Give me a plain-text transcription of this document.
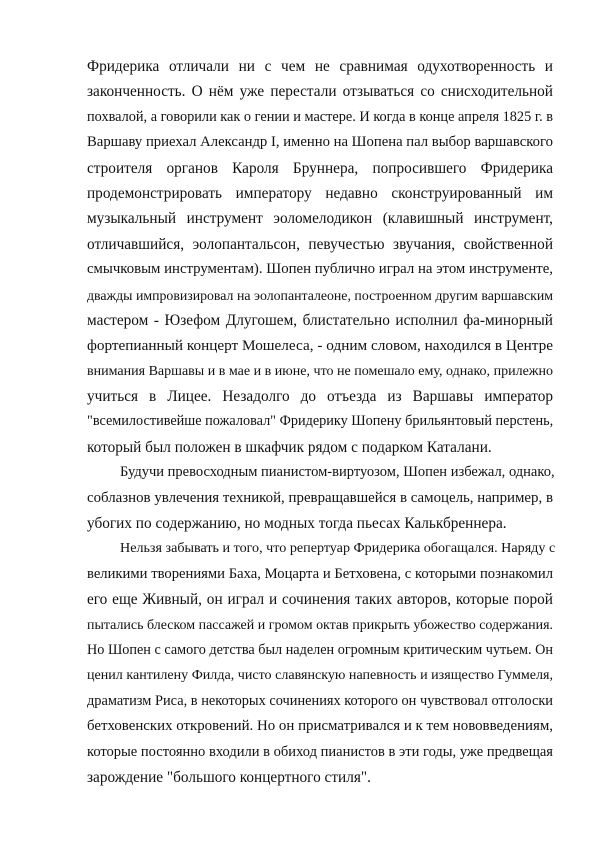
Фридерика отличали ни с чем не сравнимая одухотворенность и
законченность. О нём уже перестали отзываться со снисходительной
похвалой, а говорили как о гении и мастере. И когда в конце апреля 1825 г. в
Варшаву приехал Александр I, именно на Шопена пал выбор варшавского
строителя органов Кароля Бруннера, попросившего Фридерика
продемонстрировать императору недавно сконструированный им
музыкальный инструмент эоломелодикон (клавишный инструмент,
отличавшийся, эолопантальсон, певучестью звучания, свойственной
смычковым инструментам). Шопен публично играл на этом инструменте,
дважды импровизировал на эолопанталеоне, построенном другим варшавским
мастером - Юзефом Длугошем, блистательно исполнил фа-минорный
фортепианный концерт Мошелеса, - одним словом, находился в Центре
внимания Варшавы и в мае и в июне, что не помешало ему, однако, прилежно
учиться в Лицее. Незадолго до отъезда из Варшавы император
"всемилостивейше пожаловал" Фридерику Шопену брильянтовый перстень,
который был положен в шкафчик рядом с подарком Каталани.

Будучи превосходным пианистом-виртуозом, Шопен избежал, однако,
соблазнов увлечения техникой, превращавшейся в самоцель, например, в
убогих по содержанию, но модных тогда пьесах Калькбреннера.

Нельзя забывать и того, что репертуар Фридерика обогащался. Наряду с
великими творениями Баха, Моцарта и Бетховена, с которыми познакомил
его еще Живный, он играл и сочинения таких авторов, которые порой
пытались блеском пассажей и громом октав прикрыть убожество содержания.
Но Шопен с самого детства был наделен огромным критическим чутьем. Он
ценил кантилену Филда, чисто славянскую напевность и изящество Гуммеля,
драматизм Риса, в некоторых сочинениях которого он чувствовал отголоски
бетховенских откровений. Но он присматривался и к тем нововведениям,
которые постоянно входили в обиход пианистов в эти годы, уже предвещая
зарождение "большого концертного стиля".
